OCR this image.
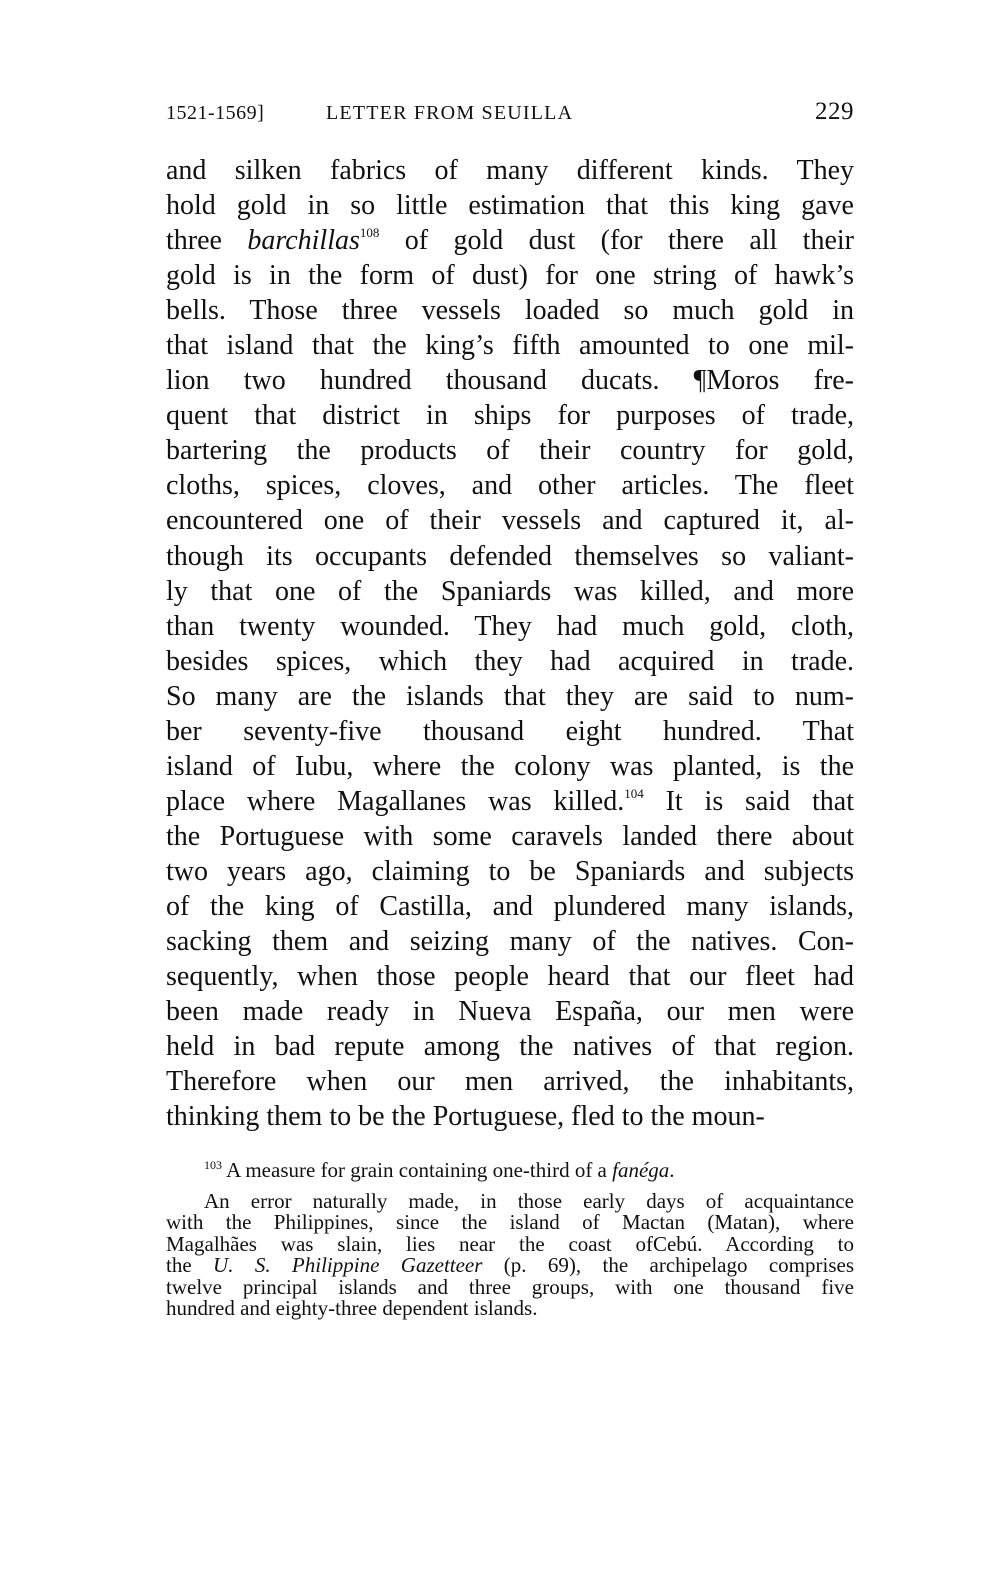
1521-1569]	LETTER FROM SEUILLA	229
and silken fabrics of many different kinds. They
hold gold in so little estimation that this king gave
three barchillas$^{108}$ of gold dust (for there all their
gold is in the form of dust) for one string of hawk’s
bells. Those three vessels loaded so much gold in
that island that the king’s fifth amounted to one mil-
lion two hundred thousand ducats. ¶Moros fre-
quent that district in ships for purposes of trade,
bartering the products of their country for gold,
cloths, spices, cloves, and other articles. The fleet
encountered one of their vessels and captured it, al-
though its occupants defended themselves so valiant-
ly that one of the Spaniards was killed, and more
than twenty wounded. They had much gold, cloth,
besides spices, which they had acquired in trade.
So many are the islands that they are said to num-
ber seventy-five thousand eight hundred. That
island of Iubu, where the colony was planted, is the
place where Magallanes was killed.$^{104}$ It is said that
the Portuguese with some caravels landed there about
two years ago, claiming to be Spaniards and subjects
of the king of Castilla, and plundered many islands,
sacking them and seizing many of the natives. Con-
sequently, when those people heard that our fleet had
been made ready in Nueva España, our men were
held in bad repute among the natives of that region.
Therefore when our men arrived, the inhabitants,
thinking them to be the Portuguese, fled to the moun-
$^{103}$ A measure for grain containing one-third of a fanéga.
An error naturally made, in those early days of acquaintance
with the Philippines, since the island of Mactan (Matan), where
Magalhães was slain, lies near the coast ofCebú. According to
the U. S. Philippine Gazetteer (p. 69), the archipelago comprises
twelve principal islands and three groups, with one thousand five
hundred and eighty-three dependent islands.
